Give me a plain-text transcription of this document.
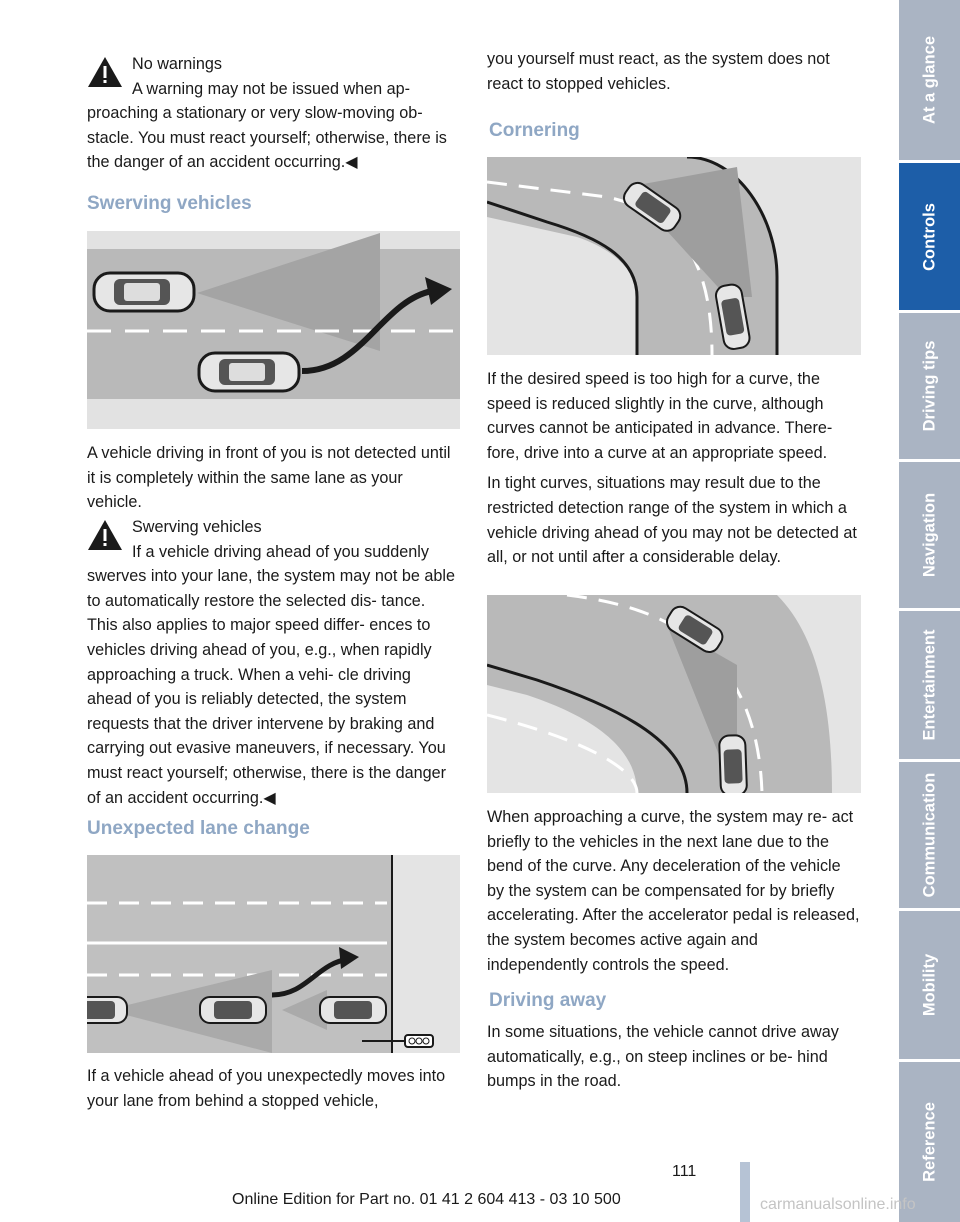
No warnings

A warning may not be issued when ap-

proaching a stationary or very slow-moving ob- stacle. You must react yourself; otherwise, there is the danger of an accident occurring.◀

Swerving vehicles

A vehicle driving in front of you is not detected until it is completely within the same lane as your vehicle.

Swerving vehicles

If a vehicle driving ahead of you suddenly

swerves into your lane, the system may not be able to automatically restore the selected dis- tance. This also applies to major speed differ- ences to vehicles driving ahead of you, e.g., when rapidly approaching a truck. When a vehi- cle driving ahead of you is reliably detected, the system requests that the driver intervene by braking and carrying out evasive maneuvers, if necessary. You must react yourself; otherwise, there is the danger of an accident occurring.◀

Unexpected lane change

If a vehicle ahead of you unexpectedly moves into your lane from behind a stopped vehicle,

you yourself must react, as the system does not react to stopped vehicles.

Cornering

If the desired speed is too high for a curve, the speed is reduced slightly in the curve, although curves cannot be anticipated in advance. There- fore, drive into a curve at an appropriate speed.

In tight curves, situations may result due to the restricted detection range of the system in which a vehicle driving ahead of you may not be detected at all, or not until after a considerable delay.

When approaching a curve, the system may re- act briefly to the vehicles in the next lane due to the bend of the curve. Any deceleration of the vehicle by the system can be compensated for by briefly accelerating. After the accelerator pedal is released, the system becomes active again and independently controls the speed.

Driving away

In some situations, the vehicle cannot drive away automatically, e.g., on steep inclines or be- hind bumps in the road.

At a glance
Controls
Driving tips
Navigation
Entertainment
Communication
Mobility
Reference
111
Online Edition for Part no. 01 41 2 604 413 - 03 10 500	carmanualsonline.info
